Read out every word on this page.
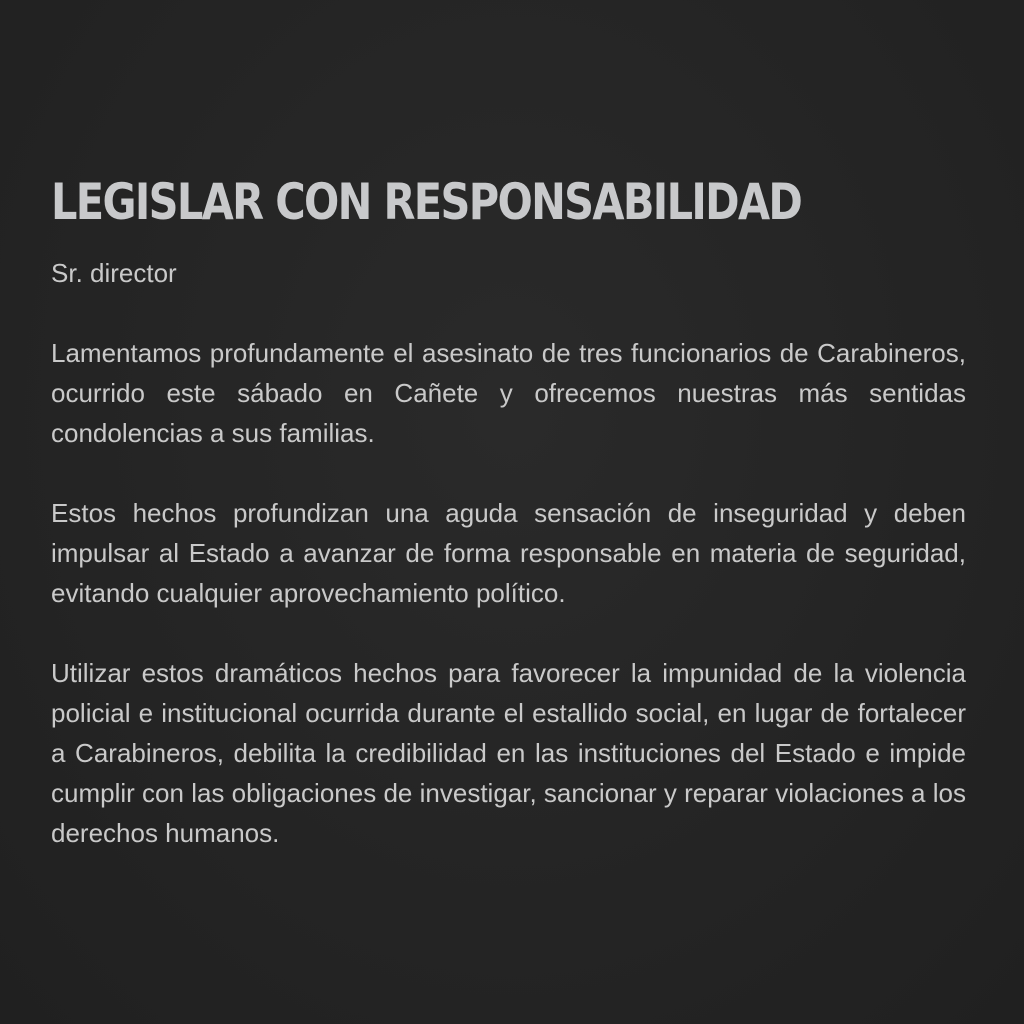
LEGISLAR CON RESPONSABILIDAD

Sr. director

Lamentamos profundamente el asesinato de tres funcionarios de Carabineros, ocurrido este sábado en Cañete y ofrecemos nuestras más sentidas condolencias a sus familias.

Estos hechos profundizan una aguda sensación de inseguridad y deben impulsar al Estado a avanzar de forma responsable en materia de seguridad, evitando cualquier aprovechamiento político.

Utilizar estos dramáticos hechos para favorecer la impunidad de la violencia policial e institucional ocurrida durante el estallido social, en lugar de fortalecer a Carabineros, debilita la credibilidad en las instituciones del Estado e impide cumplir con las obligaciones de investigar, sancionar y reparar violaciones a los derechos humanos.
